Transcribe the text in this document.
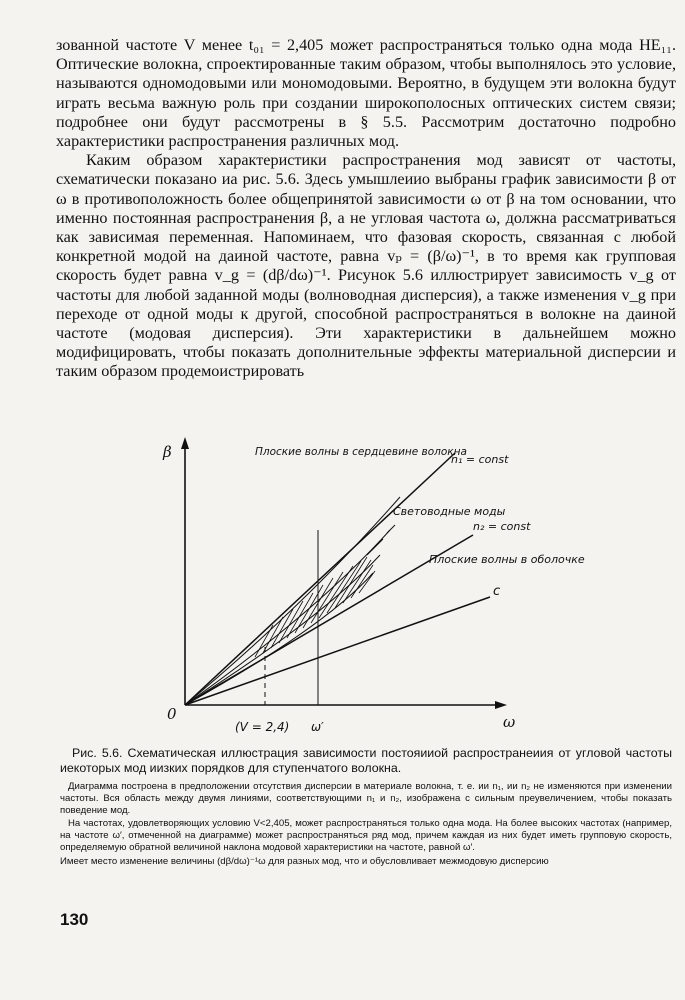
зованной частоте V менее t₀₁ = 2,405 может распространяться только одна мода HE₁₁. Оптические волокна, спроектированные таким образом, чтобы выполнялось это условие, называются одномодовыми или мономодовыми. Вероятно, в будущем эти волокна будут играть весьма важную роль при создании широкополосных оптических систем связи; подробнее они будут рассмотрены в § 5.5. Рассмотрим достаточно подробно характеристики распространения различных мод.

Каким образом характеристики распространения мод зависят от частоты, схематически показано иа рис. 5.6. Здесь умышлеиио выбраны график зависимости β от ω в противоположность более общепринятой зависимости ω от β на том основании, что именно постоянная распространения β, а не угловая частота ω, должна рассматриваться как зависимая переменная. Напоминаем, что фазовая скорость, связанная с любой конкретной модой на даиной частоте, равна vₚ = (β/ω)⁻¹, в то время как групповая скорость будет равна v_g = (dβ/dω)⁻¹. Рисунок 5.6 иллюстрирует зависимость v_g от частоты для любой заданной моды (волноводная дисперсия), а также изменения v_g при переходе от одной моды к другой, способной распространяться в волокне на даиной частоте (модовая дисперсия). Эти характеристики в дальнейшем можно модифицировать, чтобы показать дополнительные эффекты материальной дисперсии и таким образом продемоистрировать

β
ω
0
Плоские волны в сердцевине волокна
n₁ = const
Световодные моды
n₂ = const
Плоские волны в оболочке
c
(V = 2,4) ω′

Рис. 5.6. Схематическая иллюстрация зависимости постояииой распространеиия от угловой частоты иекоторых мод иизких порядков для ступенчатого волокна.

Диаграмма построена в предположении отсутствия дисперсии в материале волокна, т. е. ии n₁, ии n₂ не изменяются при изменении частоты. Вся область между двумя линиями, соответствующими n₁ и n₂, изображена с сильным преувеличением, чтобы показать поведение мод.

На частотах, удовлетворяющих условию V<2,405, может распространяться только одна мода. На более высоких частотах (например, на частоте ω′, отмеченной на диаграмме) может распространяться ряд мод, причем каждая из них будет иметь групповую скорость, определяемую обратной величиной наклона модовой характеристики на частоте, равной ω′.

Имеет место изменение величины (dβ/dω)⁻¹ω для разных мод, что и обусловливает межмодовую дисперсию

130
